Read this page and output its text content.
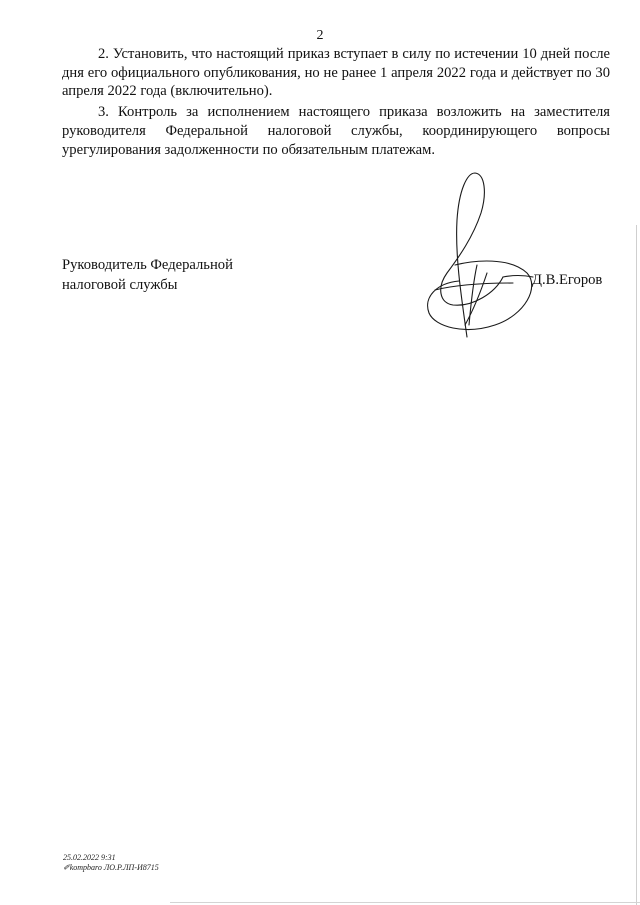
2

2. Установить, что настоящий приказ вступает в силу по истечении 10 дней после дня его официального опубликования, но не ранее 1 апреля 2022 года и действует по 30 апреля 2022 года (включительно).

3. Контроль за исполнением настоящего приказа возложить на заместителя руководителя Федеральной налоговой службы, координирующего вопросы урегулирования задолженности по обязательным платежам.

Руководитель Федеральной
налоговой службы	Д.В.Егоров
25.02.2022 9:31
✐kompbaro ЛО.Р.ЛП-И8715
